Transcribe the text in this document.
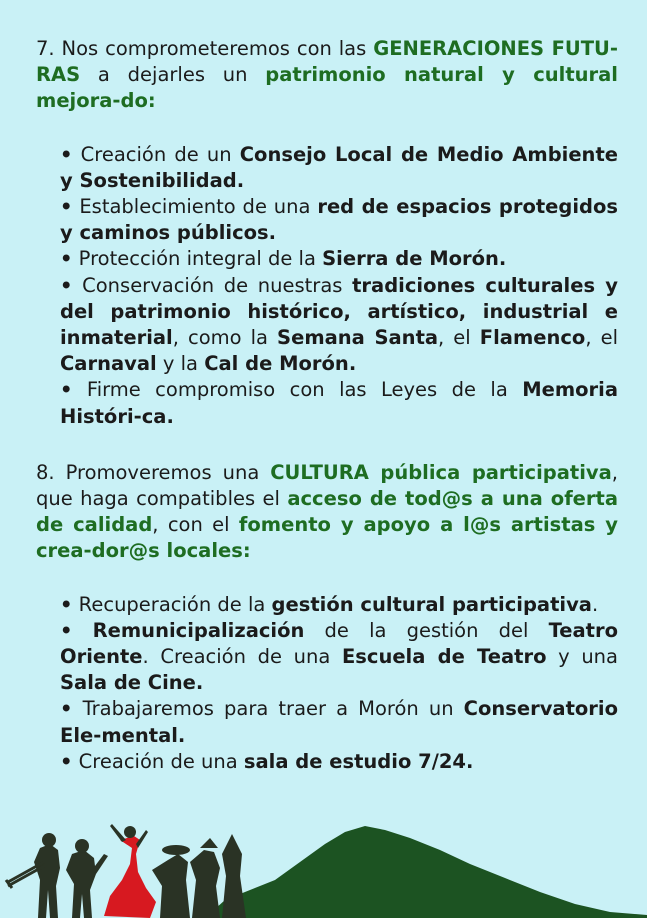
7. Nos comprometeremos con las GENERACIONES FUTU-RAS a dejarles un patrimonio natural y cultural mejora-do:

• Creación de un Consejo Local de Medio Ambiente y Sostenibilidad.

• Establecimiento de una red de espacios protegidos y caminos públicos.

• Protección integral de la Sierra de Morón.

• Conservación de nuestras tradiciones culturales y del patrimonio histórico, artístico, industrial e inmaterial, como la Semana Santa, el Flamenco, el Carnaval y la Cal de Morón.

• Firme compromiso con las Leyes de la Memoria Históri-ca.

8. Promoveremos una CULTURA pública participativa, que haga compatibles el acceso de tod@s a una oferta de calidad, con el fomento y apoyo a l@s artistas y crea-dor@s locales:

• Recuperación de la gestión cultural participativa.

• Remunicipalización de la gestión del Teatro Oriente. Creación de una Escuela de Teatro y una Sala de Cine.

• Trabajaremos para traer a Morón un Conservatorio Ele-mental.

• Creación de una sala de estudio 7/24.
